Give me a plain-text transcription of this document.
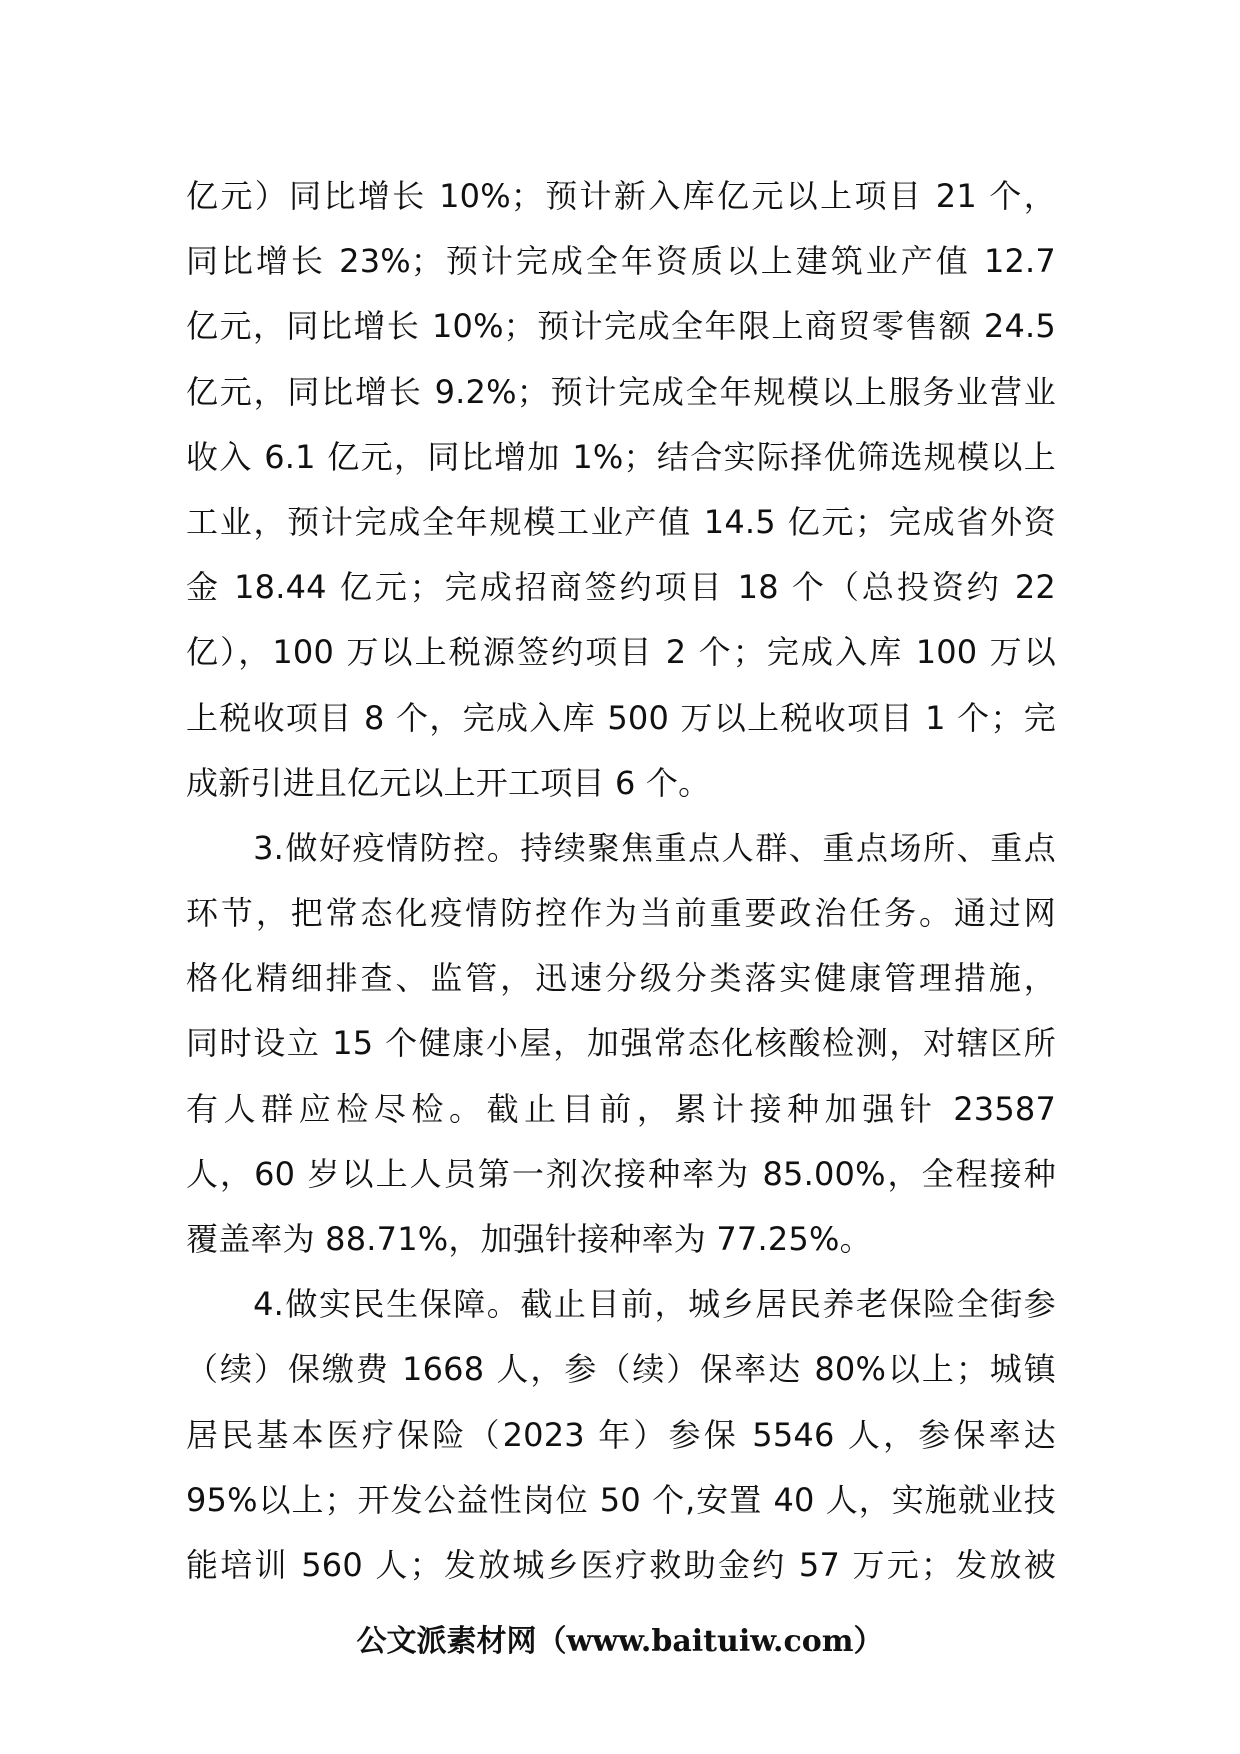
亿元）同比增长 10%；预计新入库亿元以上项目 21 个，
同比增长 23%；预计完成全年资质以上建筑业产值 12.7
亿元，同比增长 10%；预计完成全年限上商贸零售额 24.5
亿元，同比增长 9.2%；预计完成全年规模以上服务业营业
收入 6.1 亿元，同比增加 1%；结合实际择优筛选规模以上
工业，预计完成全年规模工业产值 14.5 亿元；完成省外资
金 18.44 亿元；完成招商签约项目 18 个（总投资约 22
亿），100 万以上税源签约项目 2 个；完成入库 100 万以
上税收项目 8 个，完成入库 500 万以上税收项目 1 个；完
成新引进且亿元以上开工项目 6 个。
　　3.做好疫情防控。持续聚焦重点人群、重点场所、重点
环节，把常态化疫情防控作为当前重要政治任务。通过网
格化精细排查、监管，迅速分级分类落实健康管理措施，
同时设立 15 个健康小屋，加强常态化核酸检测，对辖区所
有人群应检尽检。截止目前，累计接种加强针 23587
人，60 岁以上人员第一剂次接种率为 85.00%，全程接种
覆盖率为 88.71%，加强针接种率为 77.25%。
　　4.做实民生保障。截止目前，城乡居民养老保险全街参
（续）保缴费 1668 人，参（续）保率达 80%以上；城镇
居民基本医疗保险（2023 年）参保 5546 人，参保率达
95%以上；开发公益性岗位 50 个,安置 40 人，实施就业技
能培训 560 人；发放城乡医疗救助金约 57 万元；发放被
公文派素材网（www.baituiw.com）
